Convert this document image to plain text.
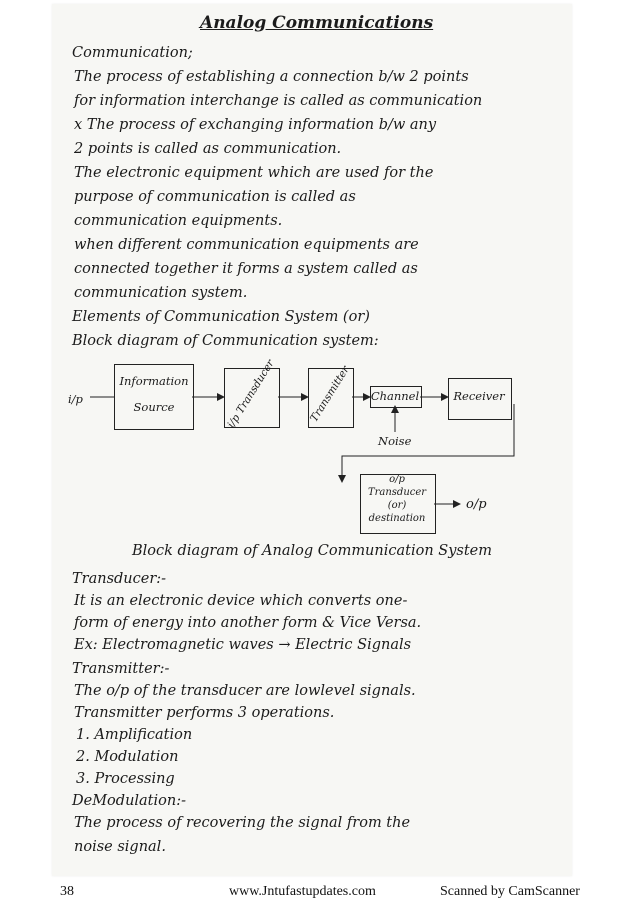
Analog Communications
Communication;
The process of establishing a connection b/w 2 points
for information interchange is called as communication
x The process of exchanging information b/w any
2 points is called as communication.
The electronic equipment which are used for the
purpose of communication is called as
communication equipments.
when different communication equipments are
connected together it forms a system called as
communication system.
Elements of Communication System (or)
Block diagram of Communication system:
i/p
Information
Source	i/p Transducer	Transmitter Channel	Receiver
Noise
o/p
Transducer
(or)
destination
o/p
Block diagram of Analog Communication System
Transducer:-
It is an electronic device which converts one-
form of energy into another form & Vice Versa.
Ex: Electromagnetic waves → Electric Signals
Transmitter:-
The o/p of the transducer are lowlevel signals.
Transmitter performs 3 operations.
1. Amplification
2. Modulation
3. Processing
DeModulation:-
The process of recovering the signal from the
noise signal.
38	www.Jntufastupdates.com	Scanned by CamScanner
